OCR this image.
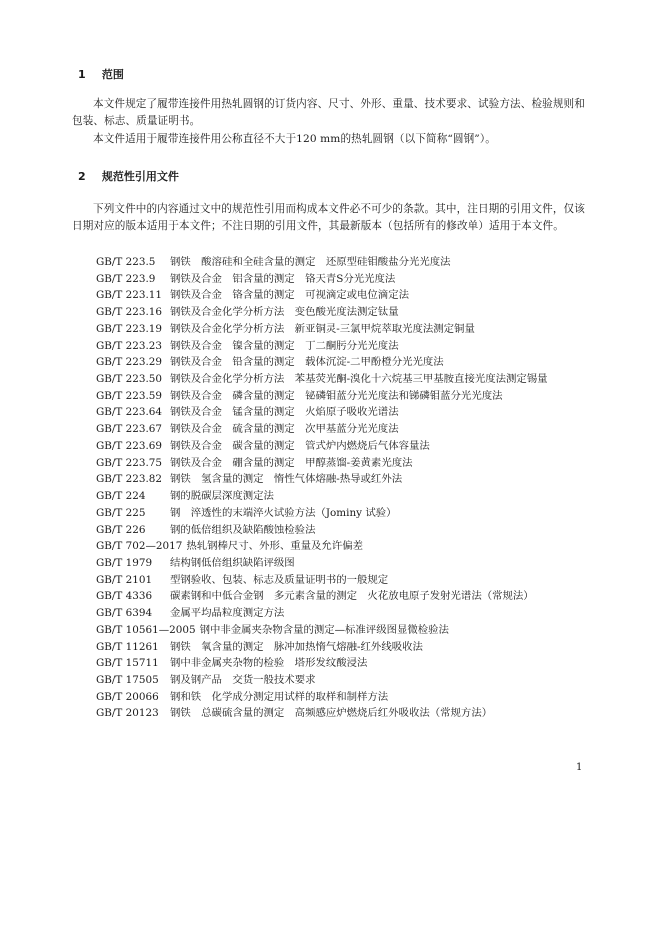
1 范围
本文件规定了履带连接件用热轧圆钢的订货内容、尺寸、外形、重量、技术要求、试验方法、检验规则和包装、标志、质量证明书。
本文件适用于履带连接件用公称直径不大于120 mm的热轧圆钢（以下简称“圆钢”）。
2 规范性引用文件
下列文件中的内容通过文中的规范性引用而构成本文件必不可少的条款。其中，注日期的引用文件，仅该日期对应的版本适用于本文件；不注日期的引用文件，其最新版本（包括所有的修改单）适用于本文件。
GB/T 223.5 钢铁　酸溶硅和全硅含量的测定　还原型硅钼酸盐分光光度法
GB/T 223.9 钢铁及合金　铝含量的测定　铬天青S分光光度法
GB/T 223.11 钢铁及合金　铬含量的测定　可视滴定或电位滴定法
GB/T 223.16 钢铁及合金化学分析方法　变色酸光度法测定钛量
GB/T 223.19 钢铁及合金化学分析方法　新亚铜灵-三氯甲烷萃取光度法测定铜量
GB/T 223.23 钢铁及合金　镍含量的测定　丁二酮肟分光光度法
GB/T 223.29 钢铁及合金　铅含量的测定　载体沉淀-二甲酚橙分光光度法
GB/T 223.50 钢铁及合金化学分析方法　苯基荧光酮-溴化十六烷基三甲基胺直接光度法测定锡量
GB/T 223.59 钢铁及合金　磷含量的测定　铋磷钼蓝分光光度法和锑磷钼蓝分光光度法
GB/T 223.64 钢铁及合金　锰含量的测定　火焰原子吸收光谱法
GB/T 223.67 钢铁及合金　硫含量的测定　次甲基蓝分光光度法
GB/T 223.69 钢铁及合金　碳含量的测定　管式炉内燃烧后气体容量法
GB/T 223.75 钢铁及合金　硼含量的测定　甲醇蒸馏-姜黄素光度法
GB/T 223.82 钢铁　氢含量的测定　惰性气体熔融-热导或红外法
GB/T 224 钢的脱碳层深度测定法
GB/T 225 钢　淬透性的末端淬火试验方法（Jominy 试验）
GB/T 226 钢的低倍组织及缺陷酸蚀检验法
GB/T 702—2017 热轧钢棒尺寸、外形、重量及允许偏差
GB/T 1979 结构钢低倍组织缺陷评级图
GB/T 2101 型钢验收、包装、标志及质量证明书的一般规定
GB/T 4336 碳素钢和中低合金钢　多元素含量的测定　火花放电原子发射光谱法（常规法）
GB/T 6394 金属平均晶粒度测定方法
GB/T 10561—2005 钢中非金属夹杂物含量的测定—标准评级图显微检验法
GB/T 11261 钢铁　氧含量的测定　脉冲加热惰气熔融-红外线吸收法
GB/T 15711 钢中非金属夹杂物的检验　塔形发纹酸浸法
GB/T 17505 钢及钢产品　交货一般技术要求
GB/T 20066 钢和铁　化学成分测定用试样的取样和制样方法
GB/T 20123 钢铁　总碳硫含量的测定　高频感应炉燃烧后红外吸收法（常规方法）
1
